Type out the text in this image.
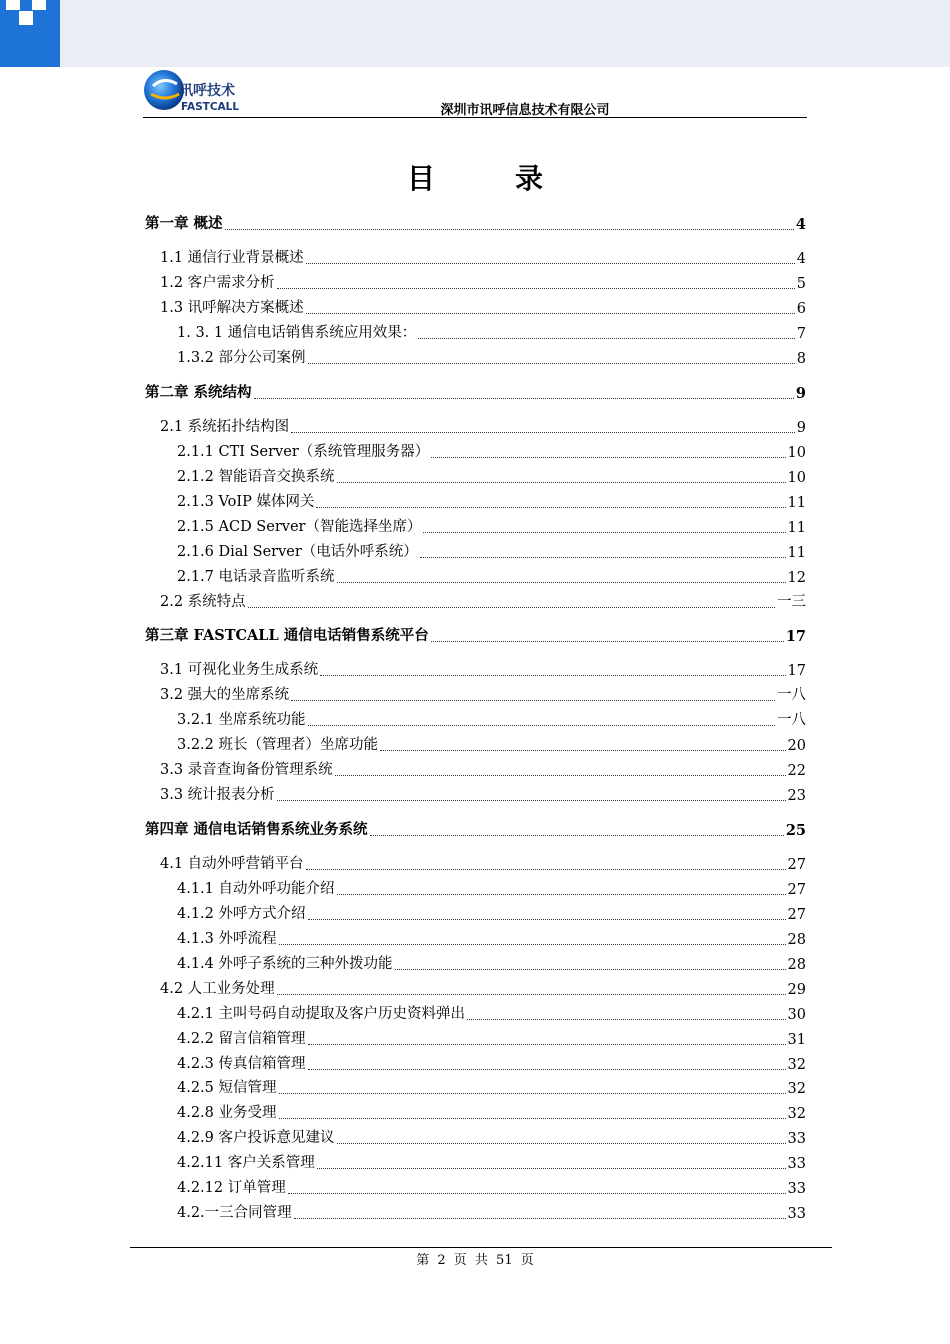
讯呼技术
FASTCALL	深圳市讯呼信息技术有限公司
目录
第一章 概述	4
1.1 通信行业背景概述	4
1.2 客户需求分析	5
1.3 讯呼解决方案概述	6
1. 3. 1 通信电话销售系统应用效果：	7
1.3.2 部分公司案例	8
第二章 系统结构	9
2.1 系统拓扑结构图	9
2.1.1 CTI Server（系统管理服务器）	10
2.1.2 智能语音交换系统	10
2.1.3 VoIP 媒体网关	11
2.1.5 ACD Server（智能选择坐席）	11
2.1.6 Dial Server（电话外呼系统）	11
2.1.7 电话录音监听系统	12
2.2 系统特点	一三
第三章 FASTCALL 通信电话销售系统平台	17
3.1 可视化业务生成系统	17
3.2 强大的坐席系统	一八
3.2.1 坐席系统功能	一八
3.2.2 班长（管理者）坐席功能	20
3.3 录音查询备份管理系统	22
3.3 统计报表分析	23
第四章 通信电话销售系统业务系统	25
4.1 自动外呼营销平台	27
4.1.1 自动外呼功能介绍	27
4.1.2 外呼方式介绍	27
4.1.3 外呼流程	28
4.1.4 外呼子系统的三种外拨功能	28
4.2 人工业务处理	29
4.2.1 主叫号码自动提取及客户历史资料弹出	30
4.2.2 留言信箱管理	31
4.2.3 传真信箱管理	32
4.2.5 短信管理	32
4.2.8 业务受理	32
4.2.9 客户投诉意见建议	33
4.2.11 客户关系管理	33
4.2.12 订单管理	33
4.2.一三合同管理	33
第 2 页 共 51 页
